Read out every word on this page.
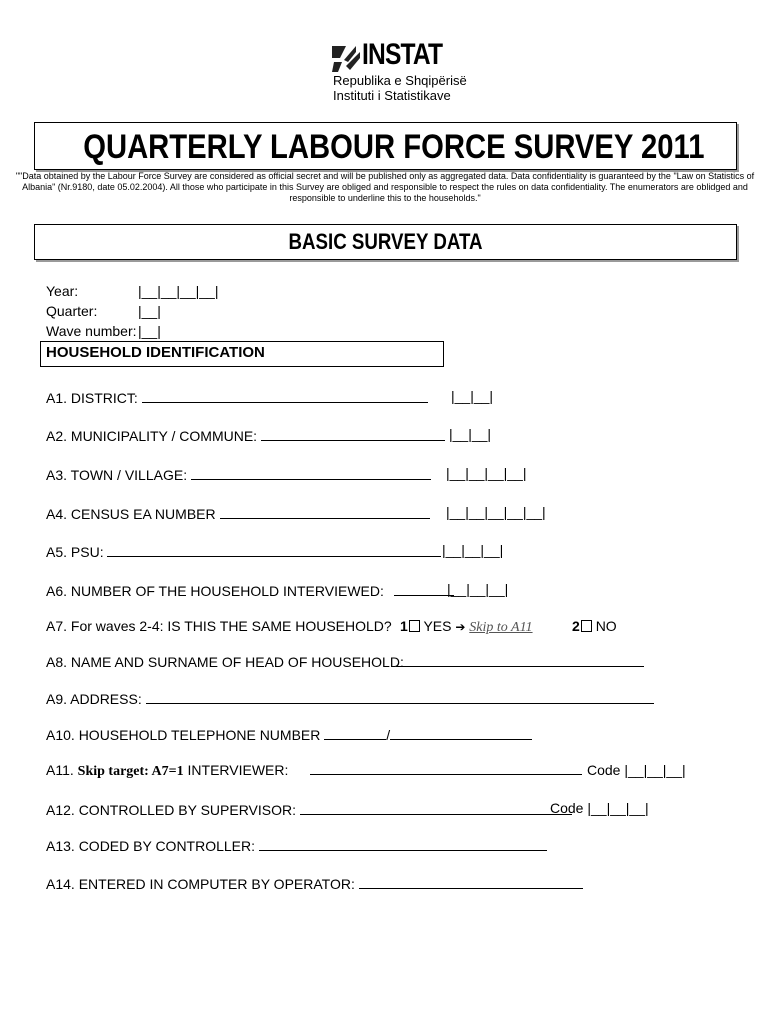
INSTAT
Republika e Shqipërisë
Instituti i Statistikave
QUARTERLY LABOUR FORCE SURVEY 2011
""Data obtained by the Labour Force Survey are considered as official secret and will be published only as aggregated data. Data confidentiality is guaranteed by the "Law on Statistics of
Albania" (Nr.9180, date 05.02.2004). All those who participate in this Survey are obliged and responsible to respect the rules on data confidentiality. The enumerators are oblidged and
responsible to underline this to the households."
BASIC SURVEY DATA
Year:	|__|__|__|__|
Quarter:	|__|
Wave number: |__|
HOUSEHOLD IDENTIFICATION
A1. DISTRICT:	|__|__|
A2. MUNICIPALITY / COMMUNE:	|__|__|
A3. TOWN / VILLAGE:	|__|__|__|__|
A4. CENSUS EA NUMBER	|__|__|__|__|__|
A5. PSU:	|__|__|__|
A6. NUMBER OF THE HOUSEHOLD INTERVIEWED:	|__|__|__|
A7. For waves 2-4: IS THIS THE SAME HOUSEHOLD? 1 YES ➔ Skip to A11	2 NO
A8. NAME AND SURNAME OF HEAD OF HOUSEHOLD:
A9. ADDRESS:
A10. HOUSEHOLD TELEPHONE NUMBER	/
A11. Skip target: A7=1 INTERVIEWER:	Code |__|__|__|
A12. CONTROLLED BY SUPERVISOR:	Code |__|__|__|
A13. CODED BY CONTROLLER:
A14. ENTERED IN COMPUTER BY OPERATOR:
